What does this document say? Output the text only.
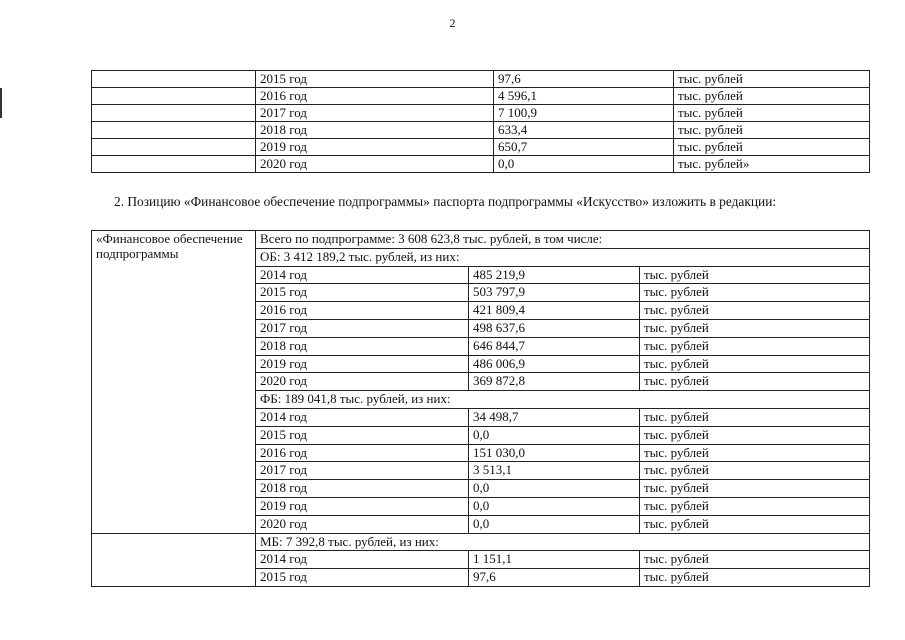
2
	2015 год	97,6	тыс. рублей
	2016 год	4 596,1	тыс. рублей
	2017 год	7 100,9	тыс. рублей
	2018 год	633,4	тыс. рублей
	2019 год	650,7	тыс. рублей
	2020 год	0,0	тыс. рублей»
2. Позицию «Финансовое обеспечение подпрограммы» паспорта подпрограммы «Искусство» изложить в редакции:
«Финансовое обеспечение подпрограммы	Всего по подпрограмме: 3 608 623,8 тыс. рублей, в том числе:		
	ОБ: 3 412 189,2 тыс. рублей, из них:		
	2014 год	485 219,9	тыс. рублей
	2015 год	503 797,9	тыс. рублей
	2016 год	421 809,4	тыс. рублей
	2017 год	498 637,6	тыс. рублей
	2018 год	646 844,7	тыс. рублей
	2019 год	486 006,9	тыс. рублей
	2020 год	369 872,8	тыс. рублей
	ФБ: 189 041,8 тыс. рублей, из них:		
	2014 год	34 498,7	тыс. рублей
	2015 год	0,0	тыс. рублей
	2016 год	151 030,0	тыс. рублей
	2017 год	3 513,1	тыс. рублей
	2018 год	0,0	тыс. рублей
	2019 год	0,0	тыс. рублей
	2020 год	0,0	тыс. рублей
	МБ: 7 392,8 тыс. рублей, из них:		
	2014 год	1 151,1	тыс. рублей
	2015 год	97,6	тыс. рублей
